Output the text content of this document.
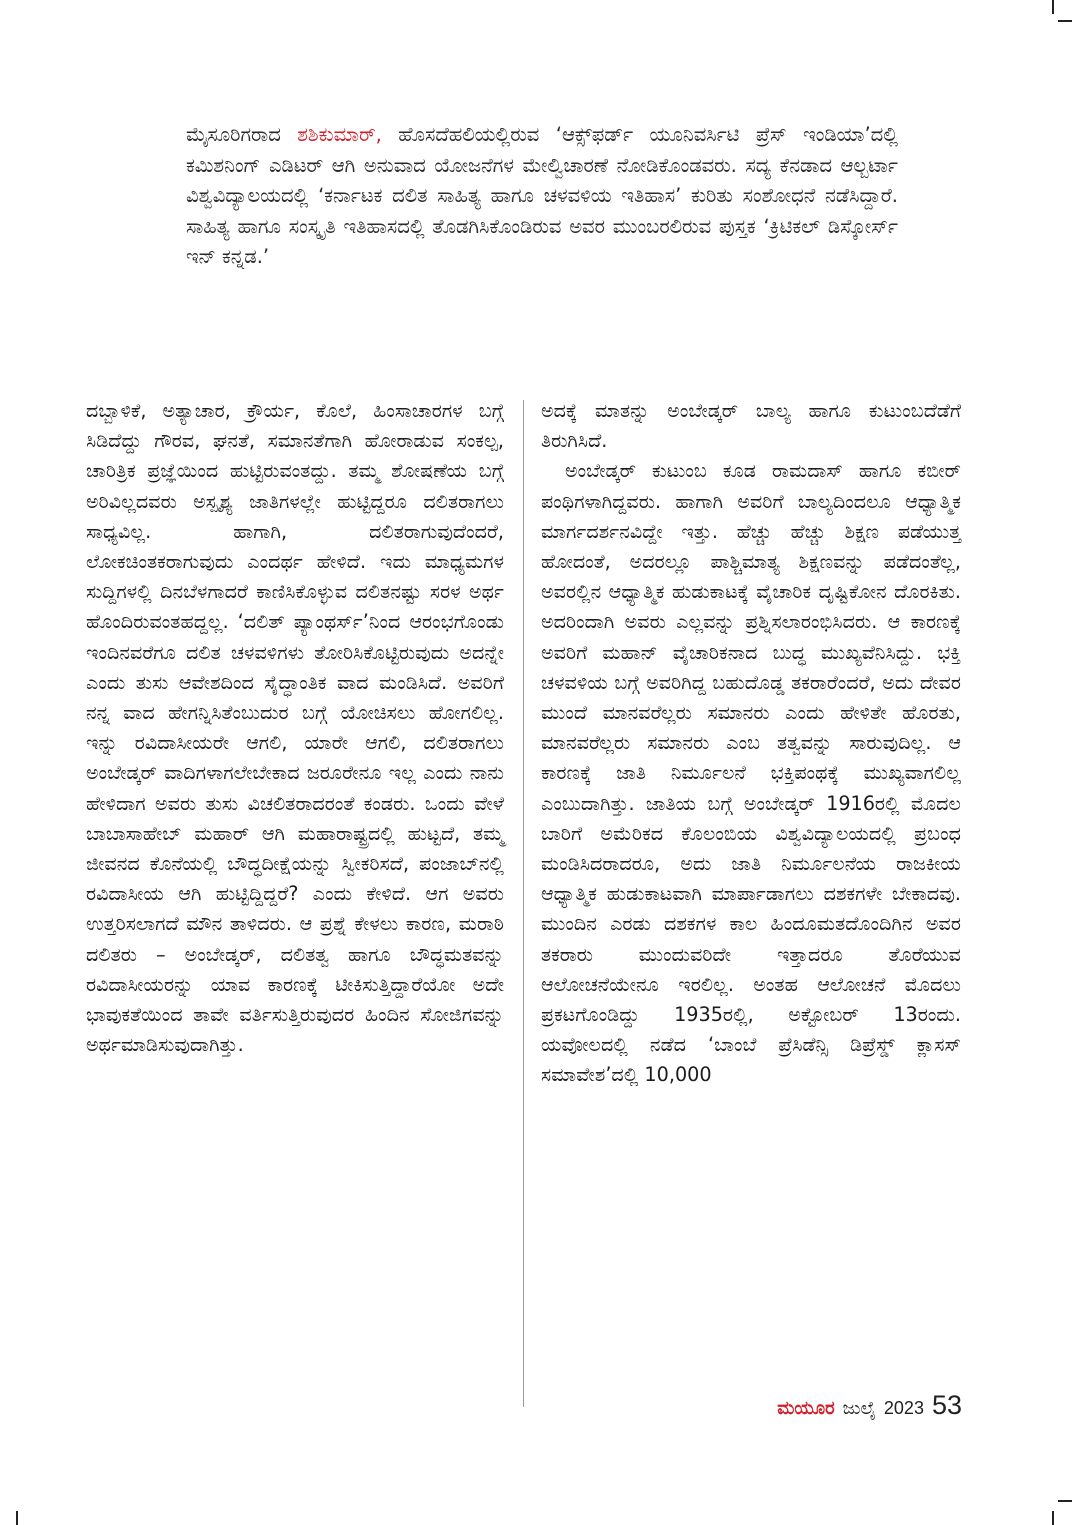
ಮೈಸೂರಿಗರಾದ ಶಶಿಕುಮಾರ್, ಹೊಸದೆಹಲಿಯಲ್ಲಿರುವ ‘ಆಕ್ಸ್‌ಫರ್ಡ್ ಯೂನಿವರ್ಸಿಟಿ ಪ್ರೆಸ್ ಇಂಡಿಯಾ’ದಲ್ಲಿ ಕಮಿಶನಿಂಗ್ ಎಡಿಟರ್ ಆಗಿ ಅನುವಾದ ಯೋಜನೆಗಳ ಮೇಲ್ವಿಚಾರಣೆ ನೋಡಿಕೊಂಡವರು. ಸದ್ಯ ಕೆನಡಾದ ಆಲ್ಬರ್ಟಾ ವಿಶ್ವವಿದ್ಯಾಲಯದಲ್ಲಿ ‘ಕರ್ನಾಟಕ ದಲಿತ ಸಾಹಿತ್ಯ ಹಾಗೂ ಚಳವಳಿಯ ಇತಿಹಾಸ’ ಕುರಿತು ಸಂಶೋಧನೆ ನಡೆಸಿದ್ದಾರೆ. ಸಾಹಿತ್ಯ ಹಾಗೂ ಸಂಸ್ಕೃತಿ ಇತಿಹಾಸದಲ್ಲಿ ತೊಡಗಿಸಿಕೊಂಡಿರುವ ಅವರ ಮುಂಬರಲಿರುವ ಪುಸ್ತಕ ‘ಕ್ರಿಟಿಕಲ್ ಡಿಸ್ಕೋರ್ಸ್ ಇನ್ ಕನ್ನಡ.’

ದಬ್ಬಾಳಿಕೆ, ಅತ್ಯಾಚಾರ, ಕ್ರೌರ್ಯ, ಕೊಲೆ, ಹಿಂಸಾಚಾರಗಳ ಬಗ್ಗೆ ಸಿಡಿದೆದ್ದು ಗೌರವ, ಘನತೆ, ಸಮಾನತೆಗಾಗಿ ಹೋರಾಡುವ ಸಂಕಲ್ಪ, ಚಾರಿತ್ರಿಕ ಪ್ರಜ್ಞೆಯಿಂದ ಹುಟ್ಟಿರುವಂತದ್ದು. ತಮ್ಮ ಶೋಷಣೆಯ ಬಗ್ಗೆ ಅರಿವಿಲ್ಲದವರು ಅಸ್ಪೃಶ್ಯ ಜಾತಿಗಳಲ್ಲೇ ಹುಟ್ಟಿದ್ದರೂ ದಲಿತರಾಗಲು ಸಾಧ್ಯವಿಲ್ಲ. ಹಾಗಾಗಿ, ದಲಿತರಾಗುವುದೆಂದರೆ, ಲೋಕಚಿಂತಕರಾಗುವುದು ಎಂದರ್ಥ ಹೇಳಿದೆ. ಇದು ಮಾಧ್ಯಮಗಳ ಸುದ್ದಿಗಳಲ್ಲಿ ದಿನಬೆಳಗಾದರೆ ಕಾಣಿಸಿಕೊಳ್ಳುವ ದಲಿತನಷ್ಟು ಸರಳ ಅರ್ಥ ಹೊಂದಿರುವಂತಹದ್ದಲ್ಲ. ‘ದಲಿತ್ ಪ್ಯಾಂಥರ್ಸ್’ನಿಂದ ಆರಂಭಗೊಂಡು ಇಂದಿನವರೆಗೂ ದಲಿತ ಚಳವಳಿಗಳು ತೋರಿಸಿಕೊಟ್ಟಿರುವುದು ಅದನ್ನೇ ಎಂದು ತುಸು ಆವೇಶದಿಂದ ಸೈದ್ಧಾಂತಿಕ ವಾದ ಮಂಡಿಸಿದೆ. ಅವರಿಗೆ ನನ್ನ ವಾದ ಹೇಗನ್ನಿಸಿತೆಂಬುದುರ ಬಗ್ಗೆ ಯೋಚಿಸಲು ಹೋಗಲಿಲ್ಲ. ಇನ್ನು ರವಿದಾಸೀಯರೇ ಆಗಲಿ, ಯಾರೇ ಆಗಲಿ, ದಲಿತರಾಗಲು ಅಂಬೇಡ್ಕರ್ ವಾದಿಗಳಾಗಲೇಬೇಕಾದ ಜರೂರೇನೂ ಇಲ್ಲ ಎಂದು ನಾನು ಹೇಳಿದಾಗ ಅವರು ತುಸು ವಿಚಲಿತರಾದರಂತೆ ಕಂಡರು. ಒಂದು ವೇಳೆ ಬಾಬಾಸಾಹೇಬ್ ಮಹಾರ್ ಆಗಿ ಮಹಾರಾಷ್ಟ್ರದಲ್ಲಿ ಹುಟ್ಟದೆ, ತಮ್ಮ ಜೀವನದ ಕೊನೆಯಲ್ಲಿ ಬೌದ್ಧದೀಕ್ಷೆಯನ್ನು ಸ್ವೀಕರಿಸದೆ, ಪಂಜಾಬ್‌ನಲ್ಲಿ ರವಿದಾಸೀಯ ಆಗಿ ಹುಟ್ಟಿದ್ದಿದ್ದರೆ? ಎಂದು ಕೇಳಿದೆ. ಆಗ ಅವರು ಉತ್ತರಿಸಲಾಗದೆ ಮೌನ ತಾಳಿದರು. ಆ ಪ್ರಶ್ನೆ ಕೇಳಲು ಕಾರಣ, ಮರಾಠಿ ದಲಿತರು – ಅಂಬೇಡ್ಕರ್, ದಲಿತತ್ವ ಹಾಗೂ ಬೌದ್ಧಮತವನ್ನು ರವಿದಾಸೀಯರನ್ನು ಯಾವ ಕಾರಣಕ್ಕೆ ಟೀಕಿಸುತ್ತಿದ್ದಾರೆಯೋ ಅದೇ ಭಾವುಕತೆಯಿಂದ ತಾವೇ ವರ್ತಿಸುತ್ತಿರುವುದರ ಹಿಂದಿನ ಸೋಜಿಗವನ್ನು ಅರ್ಥಮಾಡಿಸುವುದಾಗಿತ್ತು.

ಅದಕ್ಕೆ ಮಾತನ್ನು ಅಂಬೇಡ್ಕರ್ ಬಾಲ್ಯ ಹಾಗೂ ಕುಟುಂಬದೆಡೆಗೆ ತಿರುಗಿಸಿದೆ.

ಅಂಬೇಡ್ಕರ್ ಕುಟುಂಬ ಕೂಡ ರಾಮದಾಸ್ ಹಾಗೂ ಕಬೀರ್ ಪಂಥಿಗಳಾಗಿದ್ದವರು. ಹಾಗಾಗಿ ಅವರಿಗೆ ಬಾಲ್ಯದಿಂದಲೂ ಆಧ್ಯಾತ್ಮಿಕ ಮಾರ್ಗದರ್ಶನವಿದ್ದೇ ಇತ್ತು. ಹೆಚ್ಚು ಹೆಚ್ಚು ಶಿಕ್ಷಣ ಪಡೆಯುತ್ತ ಹೋದಂತೆ, ಅದರಲ್ಲೂ ಪಾಶ್ಚಿಮಾತ್ಯ ಶಿಕ್ಷಣವನ್ನು ಪಡೆದಂತೆಲ್ಲ, ಅವರಲ್ಲಿನ ಆಧ್ಯಾತ್ಮಿಕ ಹುಡುಕಾಟಕ್ಕೆ ವೈಚಾರಿಕ ದೃಷ್ಟಿಕೋನ ದೊರಕಿತು. ಅದರಿಂದಾಗಿ ಅವರು ಎಲ್ಲವನ್ನು ಪ್ರಶ್ನಿಸಲಾರಂಭಿಸಿದರು. ಆ ಕಾರಣಕ್ಕೆ ಅವರಿಗೆ ಮಹಾನ್ ವೈಚಾರಿಕನಾದ ಬುದ್ಧ ಮುಖ್ಯವೆನಿಸಿದ್ದು. ಭಕ್ತಿ ಚಳವಳಿಯ ಬಗ್ಗೆ ಅವರಿಗಿದ್ದ ಬಹುದೊಡ್ಡ ತಕರಾರೆಂದರೆ, ಅದು ದೇವರ ಮುಂದೆ ಮಾನವರೆಲ್ಲರು ಸಮಾನರು ಎಂದು ಹೇಳಿತೇ ಹೊರತು, ಮಾನವರೆಲ್ಲರು ಸಮಾನರು ಎಂಬ ತತ್ವವನ್ನು ಸಾರುವುದಿಲ್ಲ. ಆ ಕಾರಣಕ್ಕೆ ಜಾತಿ ನಿರ್ಮೂಲನೆ ಭಕ್ತಿಪಂಥಕ್ಕೆ ಮುಖ್ಯವಾಗಲಿಲ್ಲ ಎಂಬುದಾಗಿತ್ತು. ಜಾತಿಯ ಬಗ್ಗೆ ಅಂಬೇಡ್ಕರ್ 1916ರಲ್ಲಿ ಮೊದಲ ಬಾರಿಗೆ ಅಮೆರಿಕದ ಕೊಲಂಬಿಯ ವಿಶ್ವವಿದ್ಯಾಲಯದಲ್ಲಿ ಪ್ರಬಂಧ ಮಂಡಿಸಿದರಾದರೂ, ಅದು ಜಾತಿ ನಿರ್ಮೂಲನೆಯ ರಾಜಕೀಯ ಆಧ್ಯಾತ್ಮಿಕ ಹುಡುಕಾಟವಾಗಿ ಮಾರ್ಪಾಡಾಗಲು ದಶಕಗಳೇ ಬೇಕಾದವು. ಮುಂದಿನ ಎರಡು ದಶಕಗಳ ಕಾಲ ಹಿಂದೂಮತದೊಂದಿಗಿನ ಅವರ ತಕರಾರು ಮುಂದುವರಿದೇ ಇತ್ತಾದರೂ ತೊರೆಯುವ ಆಲೋಚನೆಯೇನೂ ಇರಲಿಲ್ಲ. ಅಂತಹ ಆಲೋಚನೆ ಮೊದಲು ಪ್ರಕಟಗೊಂಡಿದ್ದು 1935ರಲ್ಲಿ, ಅಕ್ಟೋಬರ್ 13ರಂದು. ಯವೋಲದಲ್ಲಿ ನಡೆದ ‘ಬಾಂಬೆ ಪ್ರೆಸಿಡೆನ್ಸಿ ಡಿಪ್ರೆಸ್ಡ್ ಕ್ಲಾಸಸ್ ಸಮಾವೇಶ’ದಲ್ಲಿ 10,000

ಮಯೂರ ಜುಲೈ 2023 53
